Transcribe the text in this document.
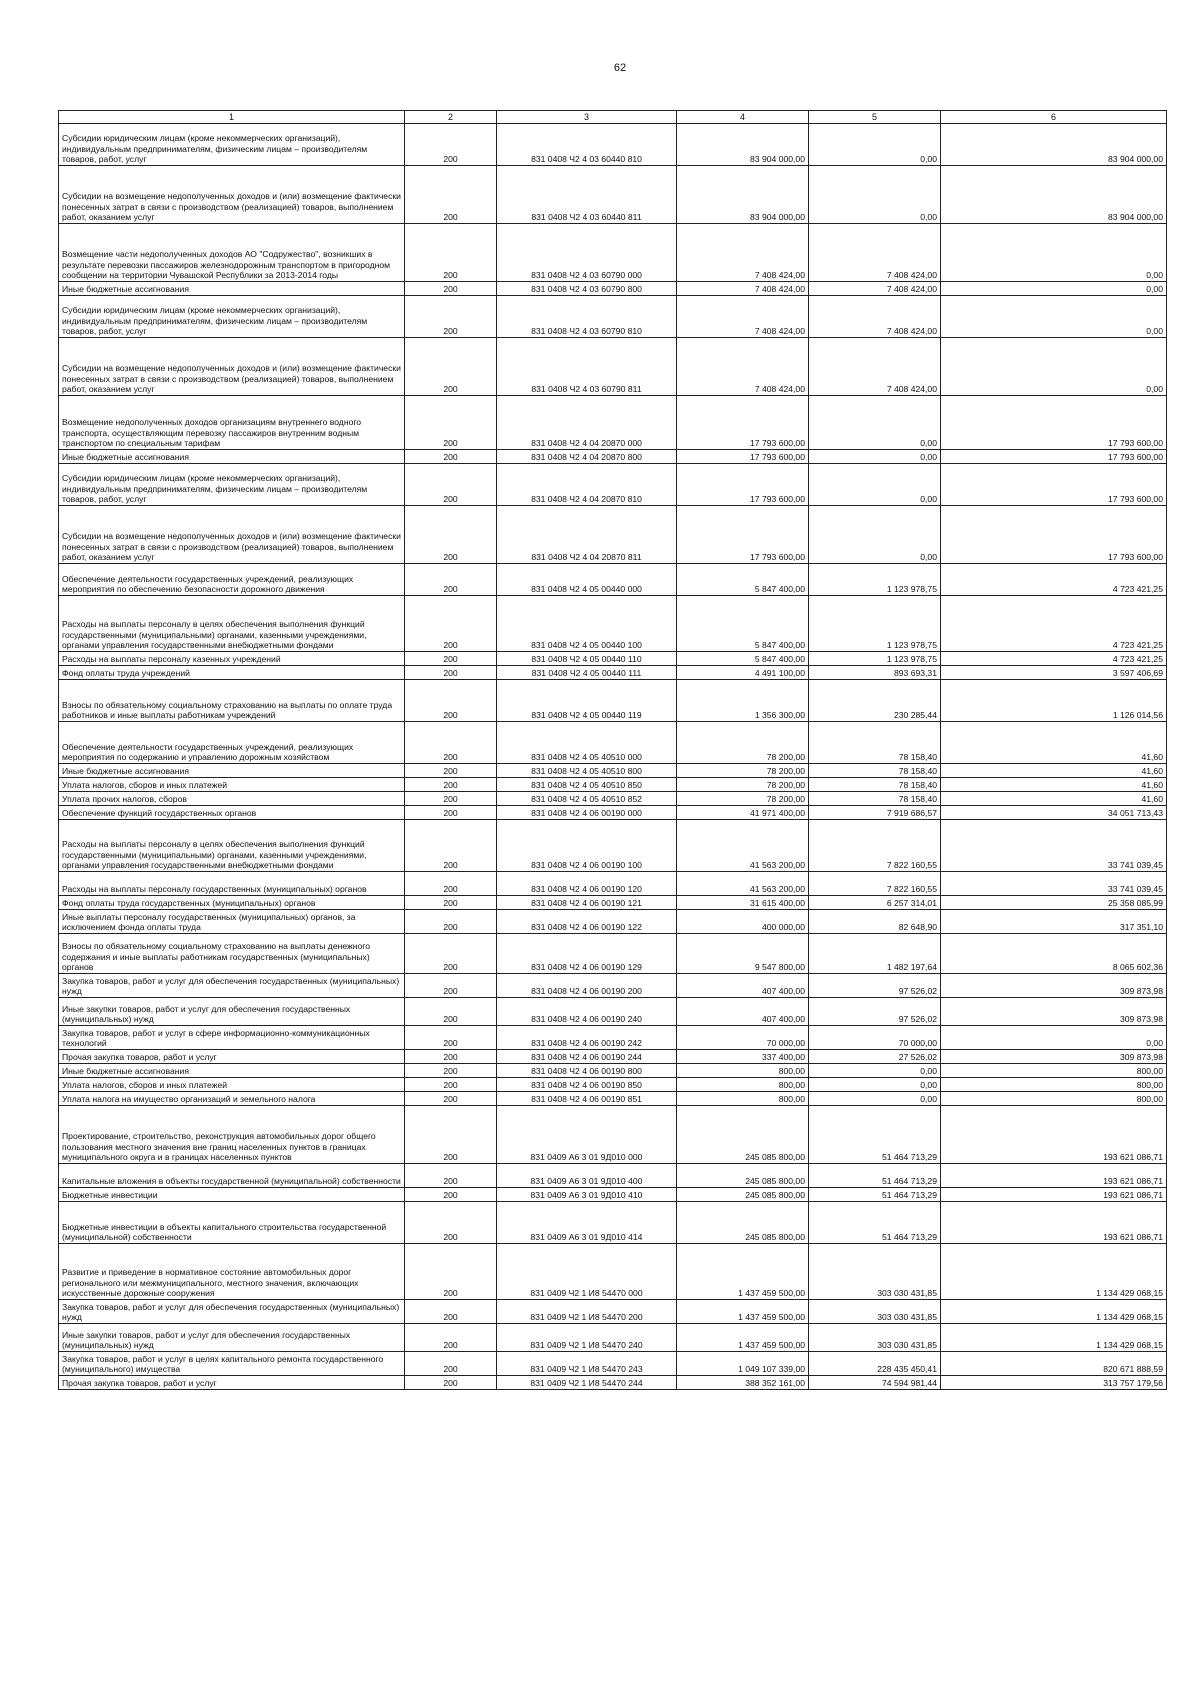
62
1	2	3	4	5	6
Субсидии юридическим лицам (кроме некоммерческих организаций), индивидуальным предпринимателям, физическим лицам – производителям товаров, работ, услуг	200	831 0408 Ч2 4 03 60440 810	83 904 000,00	0,00	83 904 000,00
Субсидии на возмещение недополученных доходов и (или) возмещение фактически понесенных затрат в связи с производством (реализацией) товаров, выполнением работ, оказанием услуг	200	831 0408 Ч2 4 03 60440 811	83 904 000,00	0,00	83 904 000,00
Возмещение части недополученных доходов АО "Содружество", возникших в результате перевозки пассажиров железнодорожным транспортом в пригородном сообщении на территории Чувашской Республики за 2013-2014 годы	200	831 0408 Ч2 4 03 60790 000	7 408 424,00	7 408 424,00	0,00
Иные бюджетные ассигнования	200	831 0408 Ч2 4 03 60790 800	7 408 424,00	7 408 424,00	0,00
Субсидии юридическим лицам (кроме некоммерческих организаций), индивидуальным предпринимателям, физическим лицам – производителям товаров, работ, услуг	200	831 0408 Ч2 4 03 60790 810	7 408 424,00	7 408 424,00	0,00
Субсидии на возмещение недополученных доходов и (или) возмещение фактически понесенных затрат в связи с производством (реализацией) товаров, выполнением работ, оказанием услуг	200	831 0408 Ч2 4 03 60790 811	7 408 424,00	7 408 424,00	0,00
Возмещение недополученных доходов организациям внутреннего водного транспорта, осуществляющим перевозку пассажиров внутренним водным транспортом по специальным тарифам	200	831 0408 Ч2 4 04 20870 000	17 793 600,00	0,00	17 793 600,00
Иные бюджетные ассигнования	200	831 0408 Ч2 4 04 20870 800	17 793 600,00	0,00	17 793 600,00
Субсидии юридическим лицам (кроме некоммерческих организаций), индивидуальным предпринимателям, физическим лицам – производителям товаров, работ, услуг	200	831 0408 Ч2 4 04 20870 810	17 793 600,00	0,00	17 793 600,00
Субсидии на возмещение недополученных доходов и (или) возмещение фактически понесенных затрат в связи с производством (реализацией) товаров, выполнением работ, оказанием услуг	200	831 0408 Ч2 4 04 20870 811	17 793 600,00	0,00	17 793 600,00
Обеспечение деятельности государственных учреждений, реализующих мероприятия по обеспечению безопасности дорожного движения	200	831 0408 Ч2 4 05 00440 000	5 847 400,00	1 123 978,75	4 723 421,25
Расходы на выплаты персоналу в целях обеспечения выполнения функций государственными (муниципальными) органами, казенными учреждениями, органами управления государственными внебюджетными фондами	200	831 0408 Ч2 4 05 00440 100	5 847 400,00	1 123 978,75	4 723 421,25
Расходы на выплаты персоналу казенных учреждений	200	831 0408 Ч2 4 05 00440 110	5 847 400,00	1 123 978,75	4 723 421,25
Фонд оплаты труда учреждений	200	831 0408 Ч2 4 05 00440 111	4 491 100,00	893 693,31	3 597 406,69
Взносы по обязательному социальному страхованию на выплаты по оплате труда работников и иные выплаты работникам учреждений	200	831 0408 Ч2 4 05 00440 119	1 356 300,00	230 285,44	1 126 014,56
Обеспечение деятельности государственных учреждений, реализующих мероприятия по содержанию и управлению дорожным хозяйством	200	831 0408 Ч2 4 05 40510 000	78 200,00	78 158,40	41,60
Иные бюджетные ассигнования	200	831 0408 Ч2 4 05 40510 800	78 200,00	78 158,40	41,60
Уплата налогов, сборов и иных платежей	200	831 0408 Ч2 4 05 40510 850	78 200,00	78 158,40	41,60
Уплата прочих налогов, сборов	200	831 0408 Ч2 4 05 40510 852	78 200,00	78 158,40	41,60
Обеспечение функций государственных органов	200	831 0408 Ч2 4 06 00190 000	41 971 400,00	7 919 686,57	34 051 713,43
Расходы на выплаты персоналу в целях обеспечения выполнения функций государственными (муниципальными) органами, казенными учреждениями, органами управления государственными внебюджетными фондами	200	831 0408 Ч2 4 06 00190 100	41 563 200,00	7 822 160,55	33 741 039,45
Расходы на выплаты персоналу государственных (муниципальных) органов	200	831 0408 Ч2 4 06 00190 120	41 563 200,00	7 822 160,55	33 741 039,45
Фонд оплаты труда государственных (муниципальных) органов	200	831 0408 Ч2 4 06 00190 121	31 615 400,00	6 257 314,01	25 358 085,99
Иные выплаты персоналу государственных (муниципальных) органов, за исключением фонда оплаты труда	200	831 0408 Ч2 4 06 00190 122	400 000,00	82 648,90	317 351,10
Взносы по обязательному социальному страхованию на выплаты денежного содержания и иные выплаты работникам государственных (муниципальных) органов	200	831 0408 Ч2 4 06 00190 129	9 547 800,00	1 482 197,64	8 065 602,36
Закупка товаров, работ и услуг для обеспечения государственных (муниципальных) нужд	200	831 0408 Ч2 4 06 00190 200	407 400,00	97 526,02	309 873,98
Иные закупки товаров, работ и услуг для обеспечения государственных (муниципальных) нужд	200	831 0408 Ч2 4 06 00190 240	407 400,00	97 526,02	309 873,98
Закупка товаров, работ и услуг в сфере информационно-коммуникационных технологий	200	831 0408 Ч2 4 06 00190 242	70 000,00	70 000,00	0,00
Прочая закупка товаров, работ и услуг	200	831 0408 Ч2 4 06 00190 244	337 400,00	27 526,02	309 873,98
Иные бюджетные ассигнования	200	831 0408 Ч2 4 06 00190 800	800,00	0,00	800,00
Уплата налогов, сборов и иных платежей	200	831 0408 Ч2 4 06 00190 850	800,00	0,00	800,00
Уплата налога на имущество организаций и земельного налога	200	831 0408 Ч2 4 06 00190 851	800,00	0,00	800,00
Проектирование, строительство, реконструкция автомобильных дорог общего пользования местного значения вне границ населенных пунктов в границах муниципального округа и в границах населенных пунктов	200	831 0409 А6 3 01 9Д010 000	245 085 800,00	51 464 713,29	193 621 086,71
Капитальные вложения в объекты государственной (муниципальной) собственности	200	831 0409 А6 3 01 9Д010 400	245 085 800,00	51 464 713,29	193 621 086,71
Бюджетные инвестиции	200	831 0409 А6 3 01 9Д010 410	245 085 800,00	51 464 713,29	193 621 086,71
Бюджетные инвестиции в объекты капитального строительства государственной (муниципальной) собственности	200	831 0409 А6 3 01 9Д010 414	245 085 800,00	51 464 713,29	193 621 086,71
Развитие и приведение в нормативное состояние автомобильных дорог регионального или межмуниципального, местного значения, включающих искусственные дорожные сооружения	200	831 0409 Ч2 1 И8 54470 000	1 437 459 500,00	303 030 431,85	1 134 429 068,15
Закупка товаров, работ и услуг для обеспечения государственных (муниципальных) нужд	200	831 0409 Ч2 1 И8 54470 200	1 437 459 500,00	303 030 431,85	1 134 429 068,15
Иные закупки товаров, работ и услуг для обеспечения государственных (муниципальных) нужд	200	831 0409 Ч2 1 И8 54470 240	1 437 459 500,00	303 030 431,85	1 134 429 068,15
Закупка товаров, работ и услуг в целях капитального ремонта государственного (муниципального) имущества	200	831 0409 Ч2 1 И8 54470 243	1 049 107 339,00	228 435 450,41	820 671 888,59
Прочая закупка товаров, работ и услуг	200	831 0409 Ч2 1 И8 54470 244	388 352 161,00	74 594 981,44	313 757 179,56
